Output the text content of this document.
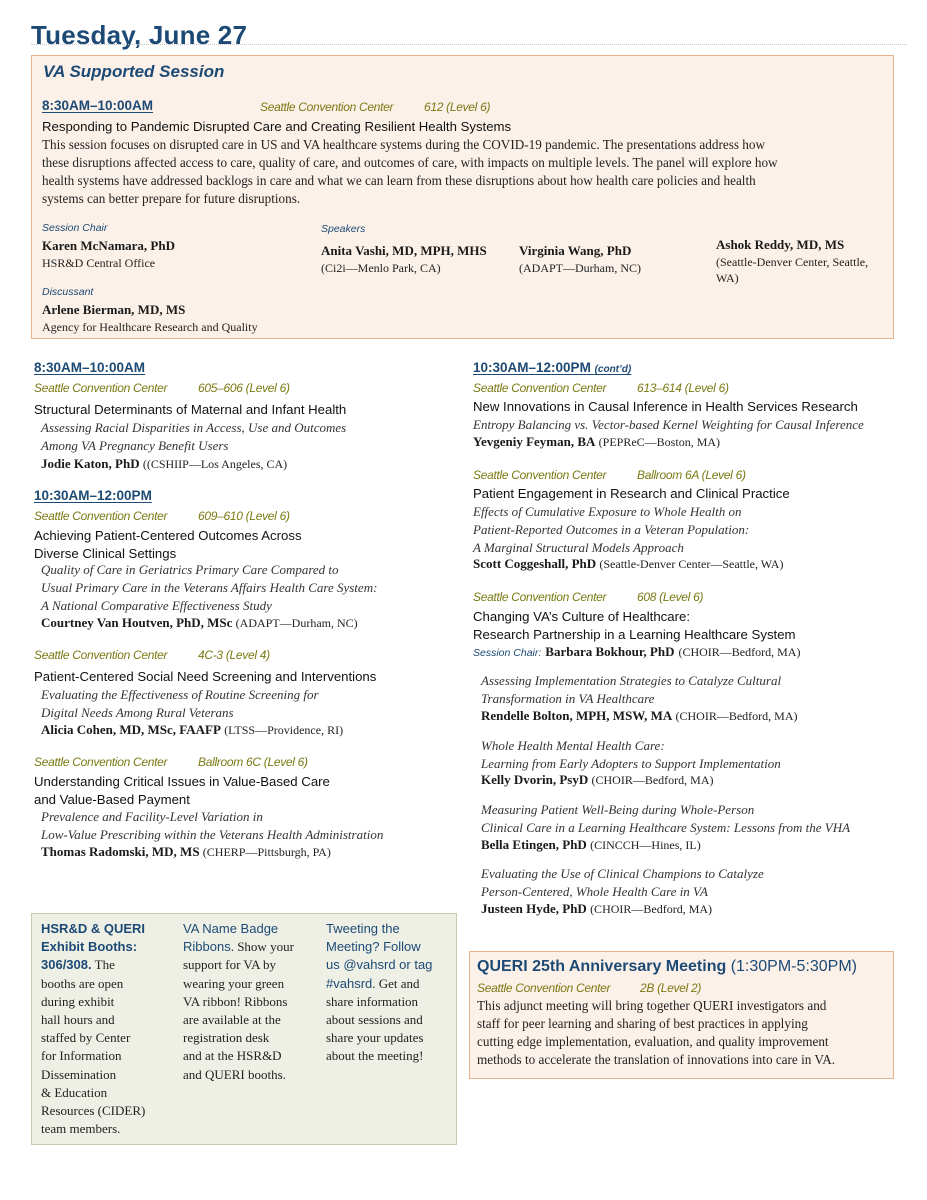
Tuesday, June 27
VA Supported Session
8:30AM–10:00AM	Seattle Convention Center	612 (Level 6)
Responding to Pandemic Disrupted Care and Creating Resilient Health Systems
This session focuses on disrupted care in US and VA healthcare systems during the COVID-19 pandemic. The presentations address how
these disruptions affected access to care, quality of care, and outcomes of care, with impacts on multiple levels. The panel will explore how
health systems have addressed backlogs in care and what we can learn from these disruptions about how health care policies and health
systems can better prepare for future disruptions.
Session Chair
Karen McNamara, PhD
HSR&D Central Office
Speakers
Anita Vashi, MD, MPH, MHS
(Ci2i—Menlo Park, CA)
Virginia Wang, PhD
(ADAPT—Durham, NC)
Ashok Reddy, MD, MS
(Seattle-Denver Center, Seattle,
WA)
Discussant
Arlene Bierman, MD, MS
Agency for Healthcare Research and Quality
8:30AM–10:00AM
Seattle Convention Center	605–606 (Level 6)
Structural Determinants of Maternal and Infant Health
Assessing Racial Disparities in Access, Use and Outcomes
Among VA Pregnancy Benefit Users
Jodie Katon, PhD ((CSHIIP—Los Angeles, CA)
10:30AM–12:00PM
Seattle Convention Center	609–610 (Level 6)
Achieving Patient-Centered Outcomes Across
Diverse Clinical Settings
Quality of Care in Geriatrics Primary Care Compared to
Usual Primary Care in the Veterans Affairs Health Care System:
A National Comparative Effectiveness Study
Courtney Van Houtven, PhD, MSc (ADAPT—Durham, NC)
Seattle Convention Center	4C-3 (Level 4)
Patient-Centered Social Need Screening and Interventions
Evaluating the Effectiveness of Routine Screening for
Digital Needs Among Rural Veterans
Alicia Cohen, MD, MSc, FAAFP (LTSS—Providence, RI)
Seattle Convention Center	Ballroom 6C (Level 6)
Understanding Critical Issues in Value-Based Care
and Value-Based Payment
Prevalence and Facility-Level Variation in
Low-Value Prescribing within the Veterans Health Administration
Thomas Radomski, MD, MS (CHERP—Pittsburgh, PA)
10:30AM–12:00PM (cont’d)
Seattle Convention Center	613–614 (Level 6)
New Innovations in Causal Inference in Health Services Research
Entropy Balancing vs. Vector-based Kernel Weighting for Causal Inference
Yevgeniy Feyman, BA (PEPReC—Boston, MA)
Seattle Convention Center	Ballroom 6A (Level 6)
Patient Engagement in Research and Clinical Practice
Effects of Cumulative Exposure to Whole Health on
Patient-Reported Outcomes in a Veteran Population:
A Marginal Structural Models Approach
Scott Coggeshall, PhD (Seattle-Denver Center—Seattle, WA)
Seattle Convention Center	608 (Level 6)
Changing VA’s Culture of Healthcare:
Research Partnership in a Learning Healthcare System
Session Chair: Barbara Bokhour, PhD (CHOIR—Bedford, MA)
Assessing Implementation Strategies to Catalyze Cultural
Transformation in VA Healthcare
Rendelle Bolton, MPH, MSW, MA (CHOIR—Bedford, MA)
Whole Health Mental Health Care:
Learning from Early Adopters to Support Implementation
Kelly Dvorin, PsyD (CHOIR—Bedford, MA)
Measuring Patient Well-Being during Whole-Person
Clinical Care in a Learning Healthcare System: Lessons from the VHA
Bella Etingen, PhD (CINCCH—Hines, IL)
Evaluating the Use of Clinical Champions to Catalyze
Person-Centered, Whole Health Care in VA
Justeen Hyde, PhD (CHOIR—Bedford, MA)
HSR&D & QUERI
Exhibit Booths:
306/308. The
booths are open
during exhibit
hall hours and
staffed by Center
for Information
Dissemination
& Education
Resources (CIDER)
team members.
VA Name Badge
Ribbons. Show your
support for VA by
wearing your green
VA ribbon! Ribbons
are available at the
registration desk
and at the HSR&D
and QUERI booths.
Tweeting the
Meeting? Follow
us @vahsrd or tag
#vahsrd. Get and
share information
about sessions and
share your updates
about the meeting!
QUERI 25th Anniversary Meeting (1:30PM-5:30PM)
Seattle Convention Center 2B (Level 2)
This adjunct meeting will bring together QUERI investigators and
staff for peer learning and sharing of best practices in applying
cutting edge implementation, evaluation, and quality improvement
methods to accelerate the translation of innovations into care in VA.
